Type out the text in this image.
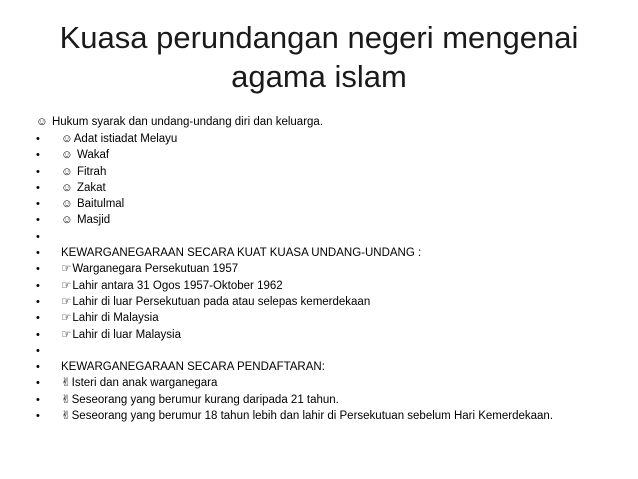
Kuasa perundangan negeri mengenai agama islam
☺ Hukum syarak dan undang-undang diri dan keluarga.
• ☺Adat istiadat Melayu
• ☺ Wakaf
• ☺ Fitrah
• ☺ Zakat
• ☺ Baitulmal
• ☺ Masjid
•
• KEWARGANEGARAAN SECARA KUAT KUASA UNDANG-UNDANG :
• ☞Warganegara Persekutuan 1957
• ☞Lahir antara 31 Ogos 1957-Oktober 1962
• ☞Lahir di luar Persekutuan pada atau selepas kemerdekaan
• ☞Lahir di Malaysia
• ☞Lahir di luar Malaysia
•
• KEWARGANEGARAAN SECARA PENDAFTARAN:
• ✌Isteri dan anak warganegara
• ✌Seseorang yang berumur kurang daripada 21 tahun.
• ✌Seseorang yang berumur 18 tahun lebih dan lahir di Persekutuan sebelum Hari Kemerdekaan.
